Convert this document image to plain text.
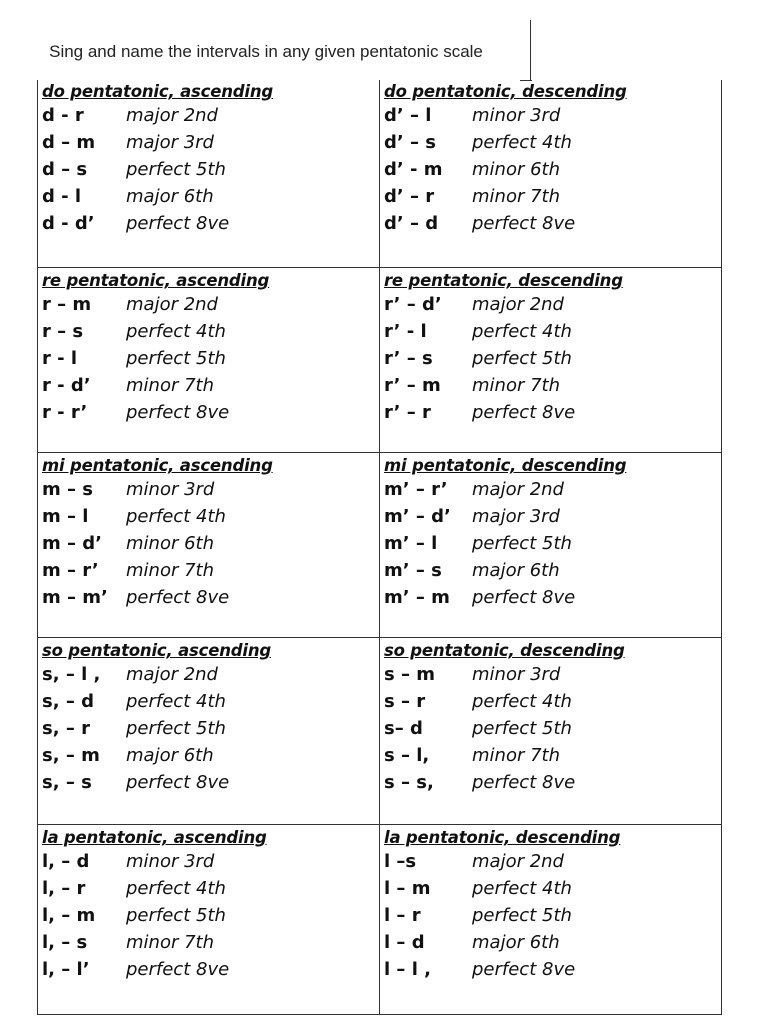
Sing and name the intervals in any given pentatonic scale
do pentatonic, ascending
d - r major 2nd
d – m major 3rd
d – s perfect 5th
d - l major 6th
d - d’ perfect 8ve
do pentatonic, descending
d’ – l minor 3rd
d’ – s perfect 4th
d’ - m minor 6th
d’ – r minor 7th
d’ – d perfect 8ve
re pentatonic, ascending
r – m major 2nd
r – s perfect 4th
r - l	perfect 5th
r - d’ minor 7th
r - r’ perfect 8ve
re pentatonic, descending
r’ – d’ major 2nd
r’ - l	perfect 4th
r’ – s perfect 5th
r’ – m minor 7th
r’ – r perfect 8ve
mi pentatonic, ascending
m – s minor 3rd
m – l perfect 4th
m – d’ minor 6th
m – r’ minor 7th
m – m’ perfect 8ve
mi pentatonic, descending
m’ – r’ major 2nd
m’ – d’ major 3rd
m’ – l perfect 5th
m’ – s major 6th
m’ – m perfect 8ve
so pentatonic, ascending
s, – l , major 2nd
s, – d perfect 4th
s, – r perfect 5th
s, – m major 6th
s, – s perfect 8ve
so pentatonic, descending
s – m minor 3rd
s – r	perfect 4th
s– d	perfect 5th
s – l, minor 7th
s – s, perfect 8ve
la pentatonic, ascending
l, – d minor 3rd
l, – r perfect 4th
l, – m perfect 5th
l, – s minor 7th
l, – l’ perfect 8ve
la pentatonic, descending
l –s	major 2nd
l – m perfect 4th
l – r	perfect 5th
l – d	major 6th
l – l , perfect 8ve
